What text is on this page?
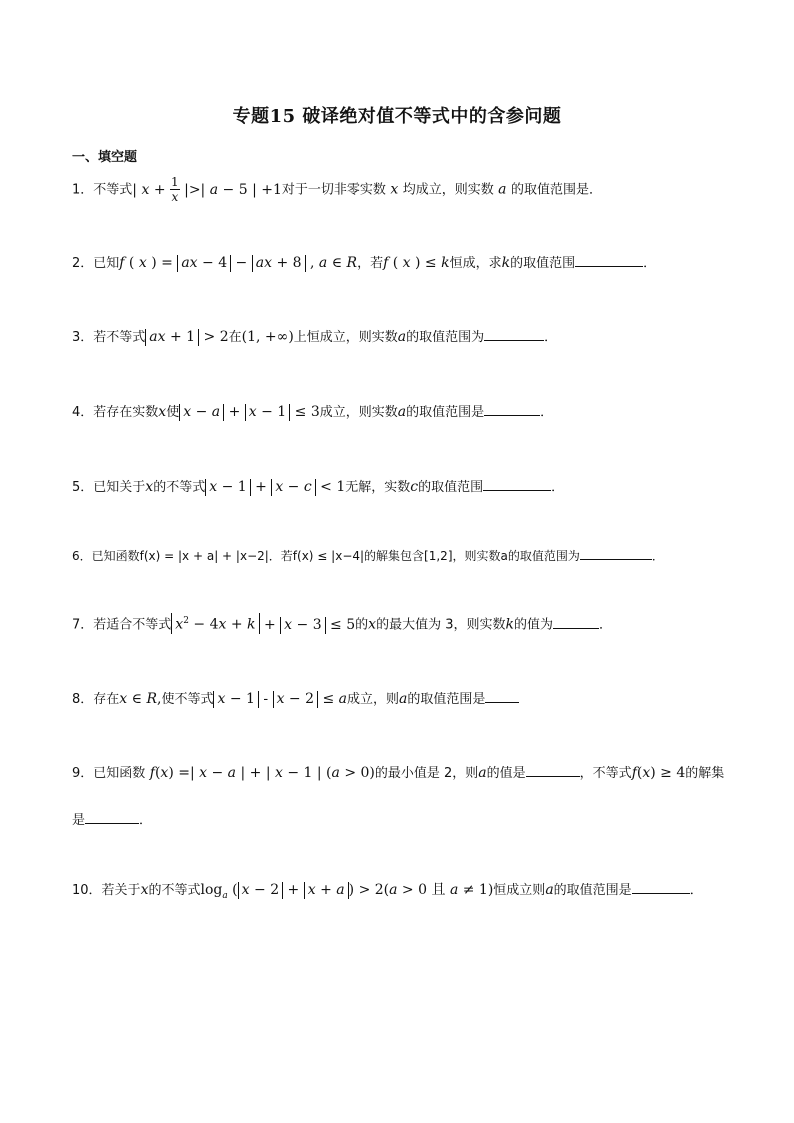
专题15 破译绝对值不等式中的含参问题
一、填空题
1．不等式| $x + \frac{1}{x}$ |>| a − 5 | +1对于一切非零实数 x 均成立，则实数 a 的取值范围是．
2．已知f ( x ) = ax − 4 − ax + 8 , a ∈ R，若f ( x ) ≤ k恒成，求k的取值范围	．
3．若不等式 ax + 1 > 2在(1, +∞)上恒成立，则实数a的取值范围为	．
4．若存在实数x使 x − a + x − 1 ≤ 3成立，则实数a的取值范围是	．
5．已知关于x的不等式 x − 1 + x − c < 1无解，实数c的取值范围	．
6．已知函数f(x) = |x + a| + |x−2|．若f(x) ≤ |x−4|的解集包含[1,2]，则实数a的取值范围为	．
7．若适合不等式 $x^2 - 4x + k + x - 3 \le 5$的x的最大值为 3，则实数k的值为	．
8．存在x ∈ R,使不等式 x − 1 - x − 2 ≤ a成立，则a的取值范围是
9．已知函数 f(x) =| x − a | + | x − 1 | (a > 0)的最小值是 2，则a的值是	，不等式f(x) ≥ 4的解集是	．
10．若关于x的不等式$\log_a$ ( x − 2 + x + a ) > 2(a > 0 且 a ≠ 1)恒成立则a的取值范围是	．
